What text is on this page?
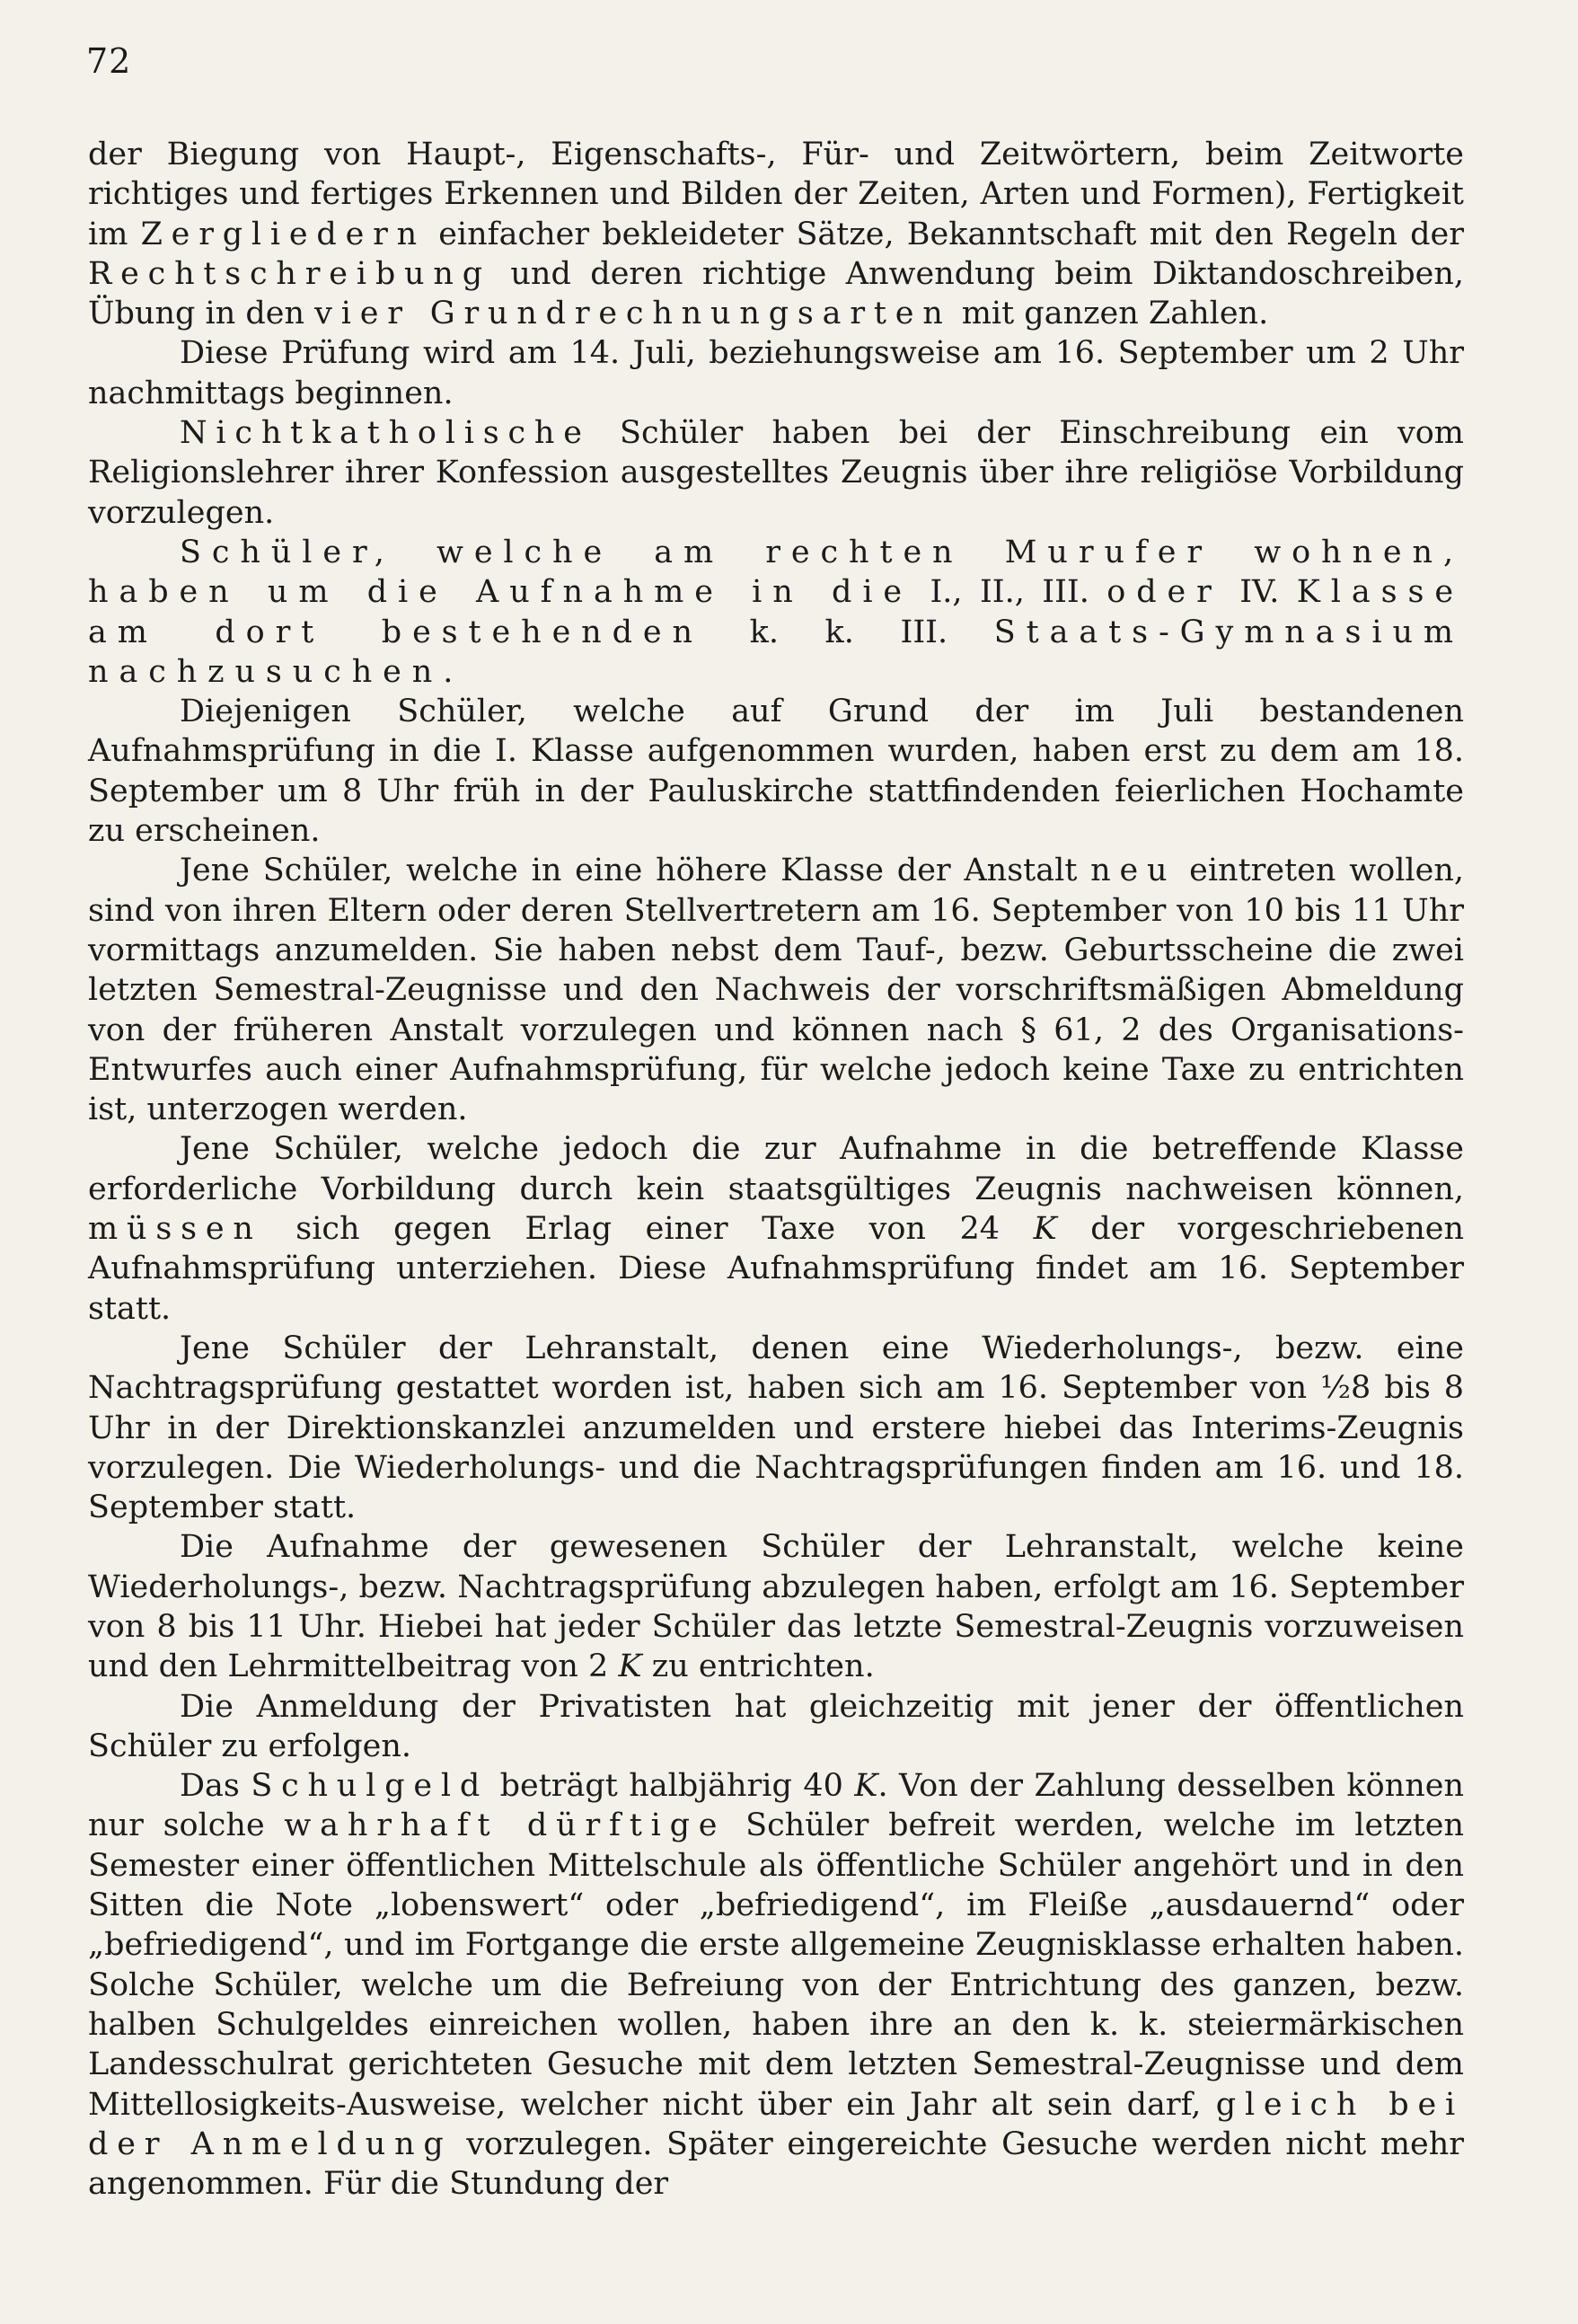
72

der Biegung von Haupt-, Eigenschafts-, Für- und Zeitwörtern, beim Zeitworte richtiges und fertiges Erkennen und Bilden der Zeiten, Arten und Formen), Fertigkeit im Zergliedern einfacher bekleideter Sätze, Bekanntschaft mit den Regeln der Rechtschreibung und deren richtige Anwendung beim Diktandoschreiben, Übung in den vier Grundrechnungsarten mit ganzen Zahlen.

Diese Prüfung wird am 14. Juli, beziehungsweise am 16. September um 2 Uhr nachmittags beginnen.

Nichtkatholische Schüler haben bei der Einschreibung ein vom Religionslehrer ihrer Konfession ausgestelltes Zeugnis über ihre religiöse Vorbildung vorzulegen.

Schüler, welche am rechten Murufer wohnen, haben um die Aufnahme in die I., II., III. oder IV. Klasse am dort bestehenden k. k. III. Staats-Gymnasium nachzusuchen.

Diejenigen Schüler, welche auf Grund der im Juli bestandenen Aufnahmsprüfung in die I. Klasse aufgenommen wurden, haben erst zu dem am 18. September um 8 Uhr früh in der Pauluskirche stattfindenden feierlichen Hochamte zu erscheinen.

Jene Schüler, welche in eine höhere Klasse der Anstalt neu eintreten wollen, sind von ihren Eltern oder deren Stellvertretern am 16. September von 10 bis 11 Uhr vormittags anzumelden. Sie haben nebst dem Tauf-, bezw. Geburtsscheine die zwei letzten Semestral-Zeugnisse und den Nachweis der vorschriftsmäßigen Abmeldung von der früheren Anstalt vorzulegen und können nach § 61, 2 des Organisations-Entwurfes auch einer Aufnahmsprüfung, für welche jedoch keine Taxe zu entrichten ist, unterzogen werden.

Jene Schüler, welche jedoch die zur Aufnahme in die betreffende Klasse erforderliche Vorbildung durch kein staatsgültiges Zeugnis nachweisen können, müssen sich gegen Erlag einer Taxe von 24 K der vorgeschriebenen Aufnahmsprüfung unterziehen. Diese Aufnahmsprüfung findet am 16. September statt.

Jene Schüler der Lehranstalt, denen eine Wiederholungs-, bezw. eine Nachtragsprüfung gestattet worden ist, haben sich am 16. September von ½8 bis 8 Uhr in der Direktionskanzlei anzumelden und erstere hiebei das Interims-Zeugnis vorzulegen. Die Wiederholungs- und die Nachtragsprüfungen finden am 16. und 18. September statt.

Die Aufnahme der gewesenen Schüler der Lehranstalt, welche keine Wiederholungs-, bezw. Nachtragsprüfung abzulegen haben, erfolgt am 16. September von 8 bis 11 Uhr. Hiebei hat jeder Schüler das letzte Semestral-Zeugnis vorzuweisen und den Lehrmittelbeitrag von 2 K zu entrichten.

Die Anmeldung der Privatisten hat gleichzeitig mit jener der öffentlichen Schüler zu erfolgen.

Das Schulgeld beträgt halbjährig 40 K. Von der Zahlung desselben können nur solche wahrhaft dürftige Schüler befreit werden, welche im letzten Semester einer öffentlichen Mittelschule als öffentliche Schüler angehört und in den Sitten die Note „lobenswert“ oder „befriedigend“, im Fleiße „ausdauernd“ oder „befriedigend“, und im Fortgange die erste allgemeine Zeugnisklasse erhalten haben. Solche Schüler, welche um die Befreiung von der Entrichtung des ganzen, bezw. halben Schulgeldes einreichen wollen, haben ihre an den k. k. steiermärkischen Landesschulrat gerichteten Gesuche mit dem letzten Semestral-Zeugnisse und dem Mittellosigkeits-Ausweise, welcher nicht über ein Jahr alt sein darf, gleich bei der Anmeldung vorzulegen. Später eingereichte Gesuche werden nicht mehr angenommen. Für die Stundung der
